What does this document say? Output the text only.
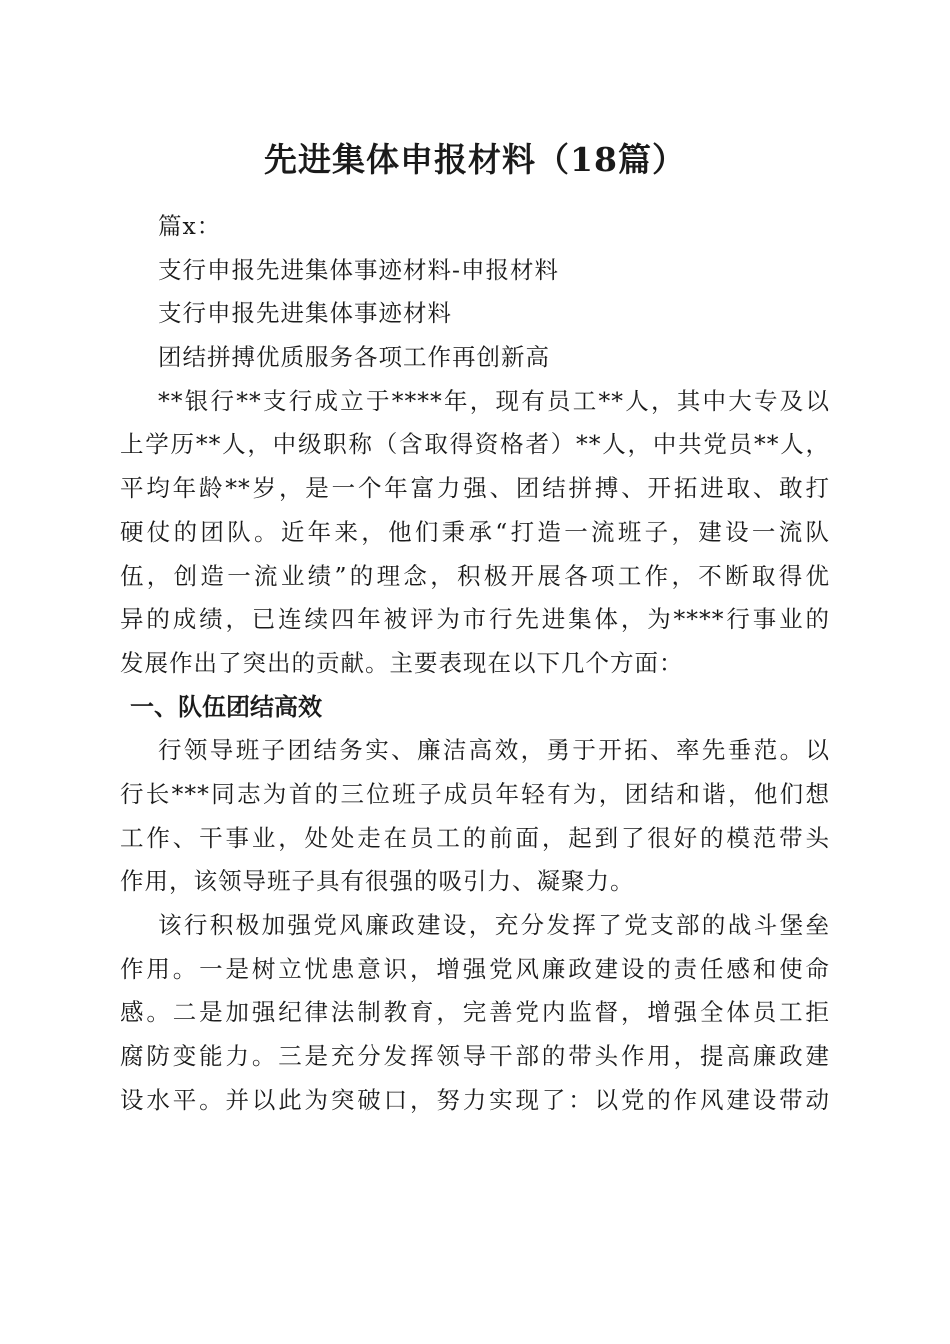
先进集体申报材料（18篇）

篇x：

支行申报先进集体事迹材料-申报材料

支行申报先进集体事迹材料

团结拼搏优质服务各项工作再创新高

**银行**支行成立于****年，现有员工**人，其中大专及以

上学历**人，中级职称（含取得资格者）**人，中共党员**人，

平均年龄**岁，是一个年富力强、团结拼搏、开拓进取、敢打

硬仗的团队。近年来，他们秉承“打造一流班子，建设一流队

伍，创造一流业绩”的理念，积极开展各项工作，不断取得优

异的成绩，已连续四年被评为市行先进集体，为****行事业的

发展作出了突出的贡献。主要表现在以下几个方面：

一、队伍团结高效

行领导班子团结务实、廉洁高效，勇于开拓、率先垂范。以

行长***同志为首的三位班子成员年轻有为，团结和谐，他们想

工作、干事业，处处走在员工的前面，起到了很好的模范带头

作用，该领导班子具有很强的吸引力、凝聚力。

该行积极加强党风廉政建设，充分发挥了党支部的战斗堡垒

作用。一是树立忧患意识，增强党风廉政建设的责任感和使命

感。二是加强纪律法制教育，完善党内监督，增强全体员工拒

腐防变能力。三是充分发挥领导干部的带头作用，提高廉政建

设水平。并以此为突破口，努力实现了：以党的作风建设带动
